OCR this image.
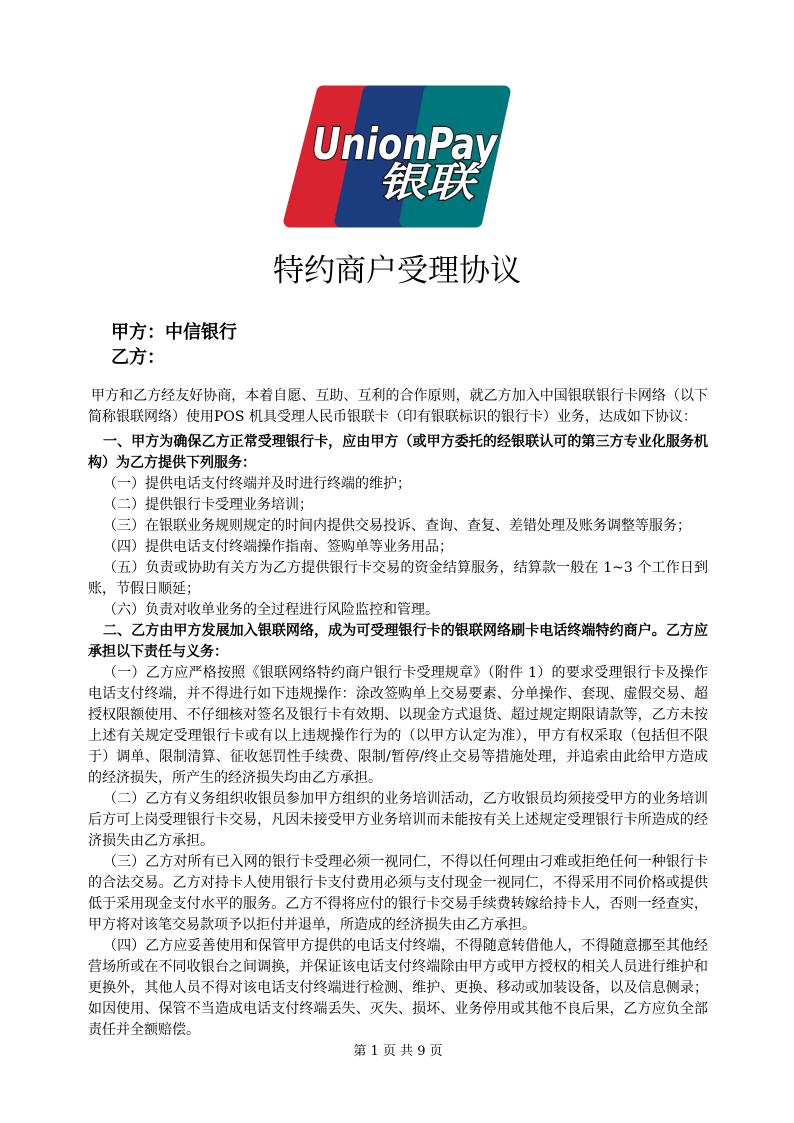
UnionPay
银联
特约商户受理协议
甲方：中信银行
乙方：

甲方和乙方经友好协商，本着自愿、互助、互利的合作原则，就乙方加入中国银联银行卡网络（以下简称银联网络）使用POS 机具受理人民币银联卡（印有银联标识的银行卡）业务，达成如下协议：

一、甲方为确保乙方正常受理银行卡，应由甲方（或甲方委托的经银联认可的第三方专业化服务机构）为乙方提供下列服务：

（一）提供电话支付终端并及时进行终端的维护；

（二）提供银行卡受理业务培训；

（三）在银联业务规则规定的时间内提供交易投诉、查询、查复、差错处理及账务调整等服务；

（四）提供电话支付终端操作指南、签购单等业务用品；

（五）负责或协助有关方为乙方提供银行卡交易的资金结算服务，结算款一般在 1~3 个工作日到账，节假日顺延；

（六）负责对收单业务的全过程进行风险监控和管理。

二、乙方由甲方发展加入银联网络，成为可受理银行卡的银联网络刷卡电话终端特约商户。乙方应承担以下责任与义务：

（一）乙方应严格按照《银联网络特约商户银行卡受理规章》（附件 1）的要求受理银行卡及操作电话支付终端，并不得进行如下违规操作：涂改签购单上交易要素、分单操作、套现、虚假交易、超授权限额使用、不仔细核对签名及银行卡有效期、以现金方式退货、超过规定期限请款等，乙方未按上述有关规定受理银行卡或有以上违规操作行为的（以甲方认定为准），甲方有权采取（包括但不限于）调单、限制清算、征收惩罚性手续费、限制/暂停/终止交易等措施处理，并追索由此给甲方造成的经济损失，所产生的经济损失均由乙方承担。

（二）乙方有义务组织收银员参加甲方组织的业务培训活动，乙方收银员均须接受甲方的业务培训后方可上岗受理银行卡交易，凡因未接受甲方业务培训而未能按有关上述规定受理银行卡所造成的经济损失由乙方承担。

（三）乙方对所有已入网的银行卡受理必须一视同仁，不得以任何理由刁难或拒绝任何一种银行卡的合法交易。乙方对持卡人使用银行卡支付费用必须与支付现金一视同仁，不得采用不同价格或提供低于采用现金支付水平的服务。乙方不得将应付的银行卡交易手续费转嫁给持卡人，否则一经查实，甲方将对该笔交易款项予以拒付并退单，所造成的经济损失由乙方承担。

（四）乙方应妥善使用和保管甲方提供的电话支付终端，不得随意转借他人，不得随意挪至其他经营场所或在不同收银台之间调换，并保证该电话支付终端除由甲方或甲方授权的相关人员进行维护和更换外，其他人员不得对该电话支付终端进行检测、维护、更换、移动或加装设备，以及信息侧录；如因使用、保管不当造成电话支付终端丢失、灭失、损坏、业务停用或其他不良后果，乙方应负全部责任并全额赔偿。

第 1 页 共 9 页
